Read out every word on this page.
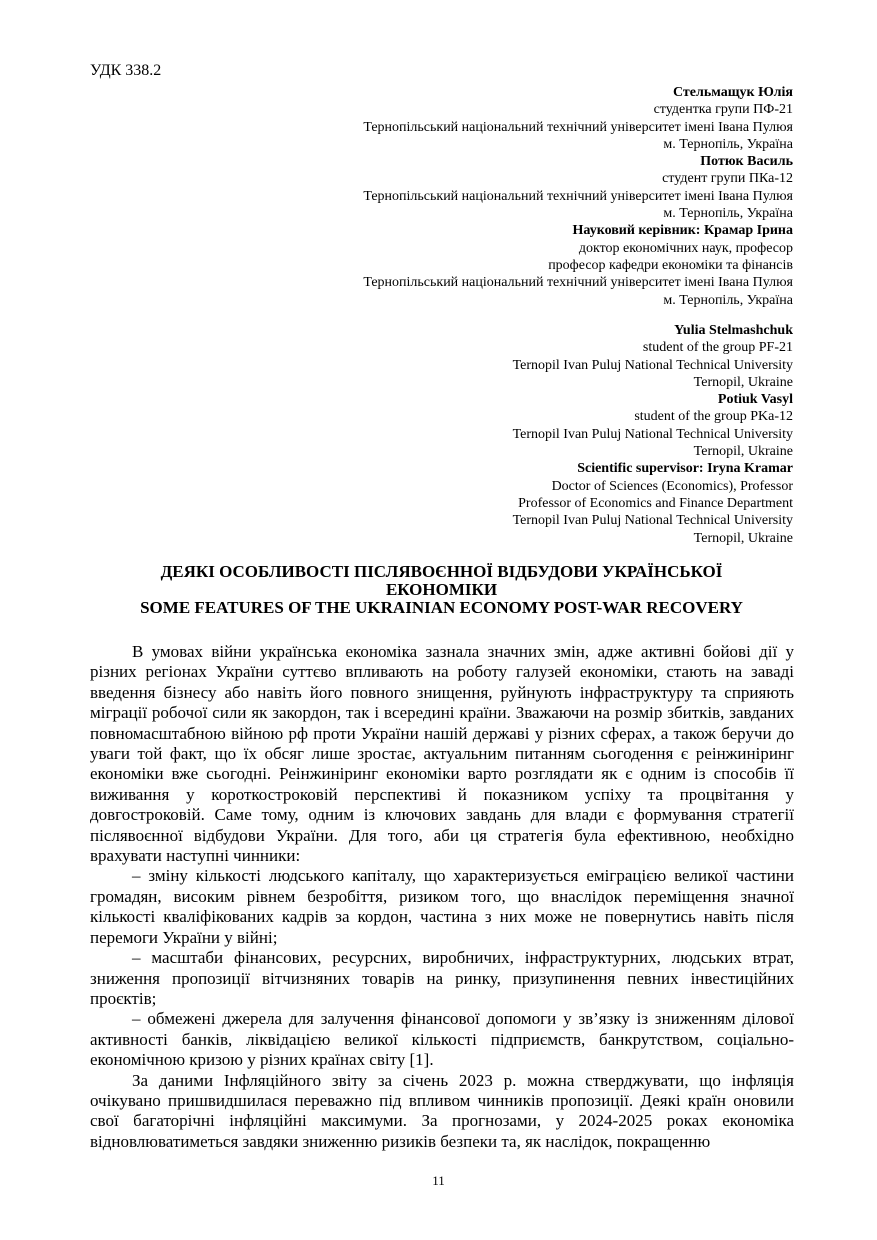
УДК 338.2
Стельмащук Юлія
студентка групи ПФ-21
Тернопільський національний технічний університет імені Івана Пулюя
м. Тернопіль, Україна
Потюк Василь
студент групи ПКа-12
Тернопільський національний технічний університет імені Івана Пулюя
м. Тернопіль, Україна
Науковий керівник: Крамар Ірина
доктор економічних наук, професор
професор кафедри економіки та фінансів
Тернопільський національний технічний університет імені Івана Пулюя
м. Тернопіль, Україна
Yulia Stelmashchuk
student of the group PF-21
Ternopil Ivan Puluj National Technical University
Ternopil, Ukraine
Potiuk Vasyl
student of the group PKa-12
Ternopil Ivan Puluj National Technical University
Ternopil, Ukraine
Scientific supervisor: Iryna Kramar
Doctor of Sciences (Economics), Professor
Professor of Economics and Finance Department
Ternopil Ivan Puluj National Technical University
Ternopil, Ukraine
ДЕЯКІ ОСОБЛИВОСТІ ПІСЛЯВОЄННОЇ ВІДБУДОВИ УКРАЇНСЬКОЇ
ЕКОНОМІКИ
SOME FEATURES OF THE UKRAINIAN ECONOMY POST-WAR RECOVERY

В умовах війни українська економіка зазнала значних змін, адже активні бойові дії у різних регіонах України суттєво впливають на роботу галузей економіки, стають на заваді введення бізнесу або навіть його повного знищення, руйнують інфраструктуру та сприяють міграції робочої сили як закордон, так і всередині країни. Зважаючи на розмір збитків, завданих повномасштабною війною рф проти України нашій державі у різних сферах, а також беручи до уваги той факт, що їх обсяг лише зростає, актуальним питанням сьогодення є реінжиніринг економіки вже сьогодні. Реінжиніринг економіки варто розглядати як є одним із способів її виживання у короткостроковій перспективі й показником успіху та процвітання у довгостроковій. Саме тому, одним із ключових завдань для влади є формування стратегії післявоєнної відбудови України. Для того, аби ця стратегія була ефективною, необхідно врахувати наступні чинники:

– зміну кількості людського капіталу, що характеризується еміграцією великої частини громадян, високим рівнем безробіття, ризиком того, що внаслідок переміщення значної кількості кваліфікованих кадрів за кордон, частина з них може не повернутись навіть після перемоги України у війні;

– масштаби фінансових, ресурсних, виробничих, інфраструктурних, людських втрат, зниження пропозиції вітчизняних товарів на ринку, призупинення певних інвестиційних проєктів;

– обмежені джерела для залучення фінансової допомоги у зв’язку із зниженням ділової активності банків, ліквідацією великої кількості підприємств, банкрутством, соціально-економічною кризою у різних країнах світу [1].

За даними Інфляційного звіту за січень 2023 р. можна стверджувати, що інфляція очікувано пришвидшилася переважно під впливом чинників пропозиції. Деякі країн оновили свої багаторічні інфляційні максимуми. За прогнозами, у 2024-2025 роках економіка відновлюватиметься завдяки зниженню ризиків безпеки та, як наслідок, покращенню

11
